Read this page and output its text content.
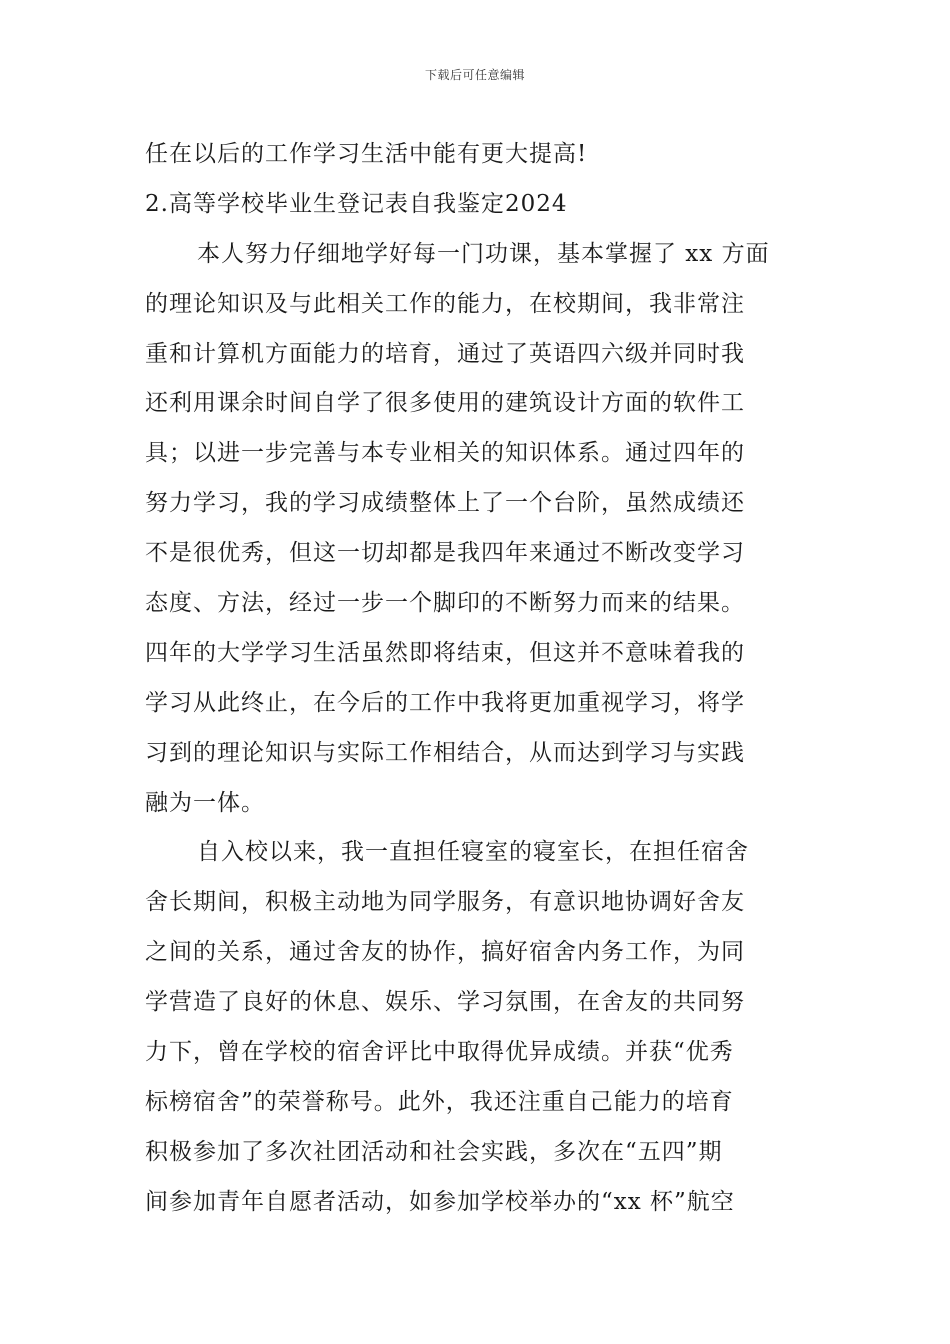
下载后可任意编辑
任在以后的工作学习生活中能有更大提高!
2.高等学校毕业生登记表自我鉴定2024
本人努力仔细地学好每一门功课，基本掌握了 xx 方面
的理论知识及与此相关工作的能力，在校期间，我非常注
重和计算机方面能力的培育，通过了英语四六级并同时我
还利用课余时间自学了很多使用的建筑设计方面的软件工
具；以进一步完善与本专业相关的知识体系。通过四年的
努力学习，我的学习成绩整体上了一个台阶，虽然成绩还
不是很优秀，但这一切却都是我四年来通过不断改变学习
态度、方法，经过一步一个脚印的不断努力而来的结果。
四年的大学学习生活虽然即将结束，但这并不意味着我的
学习从此终止，在今后的工作中我将更加重视学习，将学
习到的理论知识与实际工作相结合，从而达到学习与实践
融为一体。
自入校以来，我一直担任寝室的寝室长，在担任宿舍
舍长期间，积极主动地为同学服务，有意识地协调好舍友
之间的关系，通过舍友的协作，搞好宿舍内务工作，为同
学营造了良好的休息、娱乐、学习氛围，在舍友的共同努
力下，曾在学校的宿舍评比中取得优异成绩。并获“优秀
标榜宿舍”的荣誉称号。此外，我还注重自己能力的培育
积极参加了多次社团活动和社会实践，多次在“五四”期
间参加青年自愿者活动，如参加学校举办的“xx 杯”航空
